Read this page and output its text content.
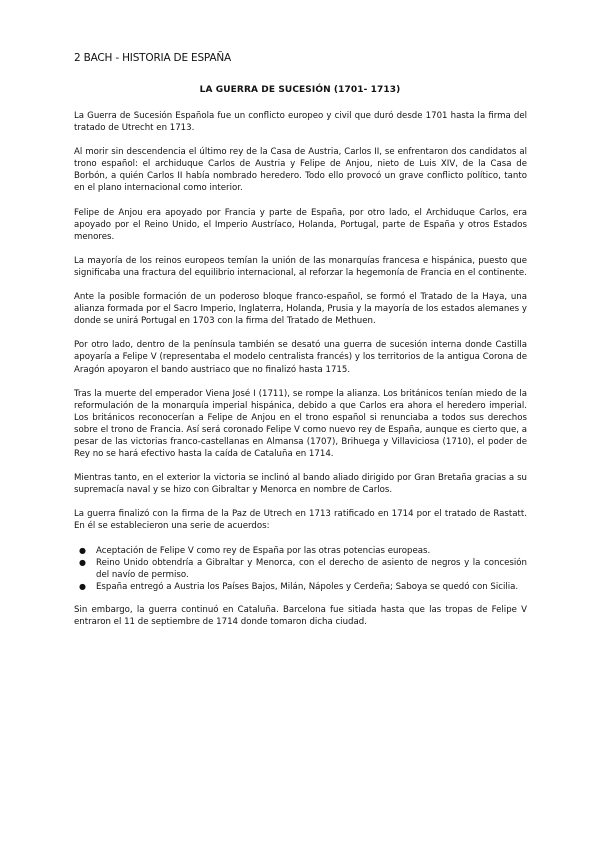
2 BACH - HISTORIA DE ESPAÑA
LA GUERRA DE SUCESIÓN (1701- 1713)

La Guerra de Sucesión Española fue un conflicto europeo y civil que duró desde 1701 hasta la firma del tratado de Utrecht en 1713.

Al morir sin descendencia el último rey de la Casa de Austria, Carlos II, se enfrentaron dos candidatos al trono español: el archiduque Carlos de Austria y Felipe de Anjou, nieto de Luis XIV, de la Casa de Borbón, a quién Carlos II había nombrado heredero. Todo ello provocó un grave conflicto político, tanto en el plano internacional como interior.

Felipe de Anjou era apoyado por Francia y parte de España, por otro lado, el Archiduque Carlos, era apoyado por el Reino Unido, el Imperio Austríaco, Holanda, Portugal, parte de España y otros Estados menores.

La mayoría de los reinos europeos temían la unión de las monarquías francesa e hispánica, puesto que significaba una fractura del equilibrio internacional, al reforzar la hegemonía de Francia en el continente.

Ante la posible formación de un poderoso bloque franco-español, se formó el Tratado de la Haya, una alianza formada por el Sacro Imperio, Inglaterra, Holanda, Prusia y la mayoría de los estados alemanes y donde se unirá Portugal en 1703 con la firma del Tratado de Methuen.

Por otro lado, dentro de la península también se desató una guerra de sucesión interna donde Castilla apoyaría a Felipe V (representaba el modelo centralista francés) y los territorios de la antigua Corona de Aragón apoyaron el bando austriaco que no finalizó hasta 1715.

Tras la muerte del emperador Viena José I (1711), se rompe la alianza. Los británicos tenían miedo de la reformulación de la monarquía imperial hispánica, debido a que Carlos era ahora el heredero imperial. Los británicos reconocerían a Felipe de Anjou en el trono español si renunciaba a todos sus derechos sobre el trono de Francia. Así será coronado Felipe V como nuevo rey de España, aunque es cierto que, a pesar de las victorias franco-castellanas en Almansa (1707), Brihuega y Villaviciosa (1710), el poder de Rey no se hará efectivo hasta la caída de Cataluña en 1714.

Mientras tanto, en el exterior la victoria se inclinó al bando aliado dirigido por Gran Bretaña gracias a su supremacía naval y se hizo con Gibraltar y Menorca en nombre de Carlos.

La guerra finalizó con la firma de la Paz de Utrech en 1713 ratificado en 1714 por el tratado de Rastatt. En él se establecieron una serie de acuerdos:

● Aceptación de Felipe V como rey de España por las otras potencias europeas.
● Reino Unido obtendría a Gibraltar y Menorca, con el derecho de asiento de negros y la concesión del navío de permiso.
● España entregó a Austria los Países Bajos, Milán, Nápoles y Cerdeña; Saboya se quedó con Sicilia.

Sin embargo, la guerra continuó en Cataluña. Barcelona fue sitiada hasta que las tropas de Felipe V entraron el 11 de septiembre de 1714 donde tomaron dicha ciudad.
